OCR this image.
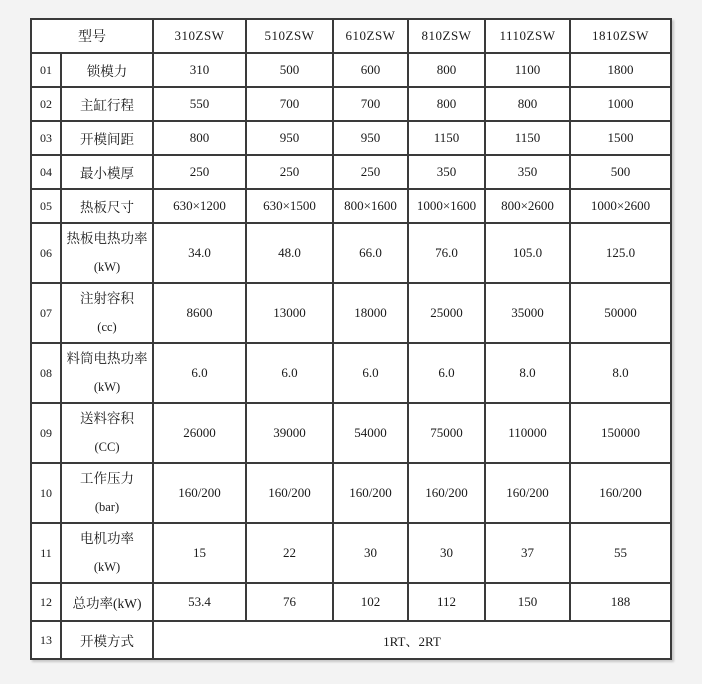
型号		310ZSW	510ZSW	610ZSW	810ZSW	1110ZSW	1810ZSW
01	锁模力	310	500	600	800	1100	1800
02	主缸行程	550	700	700	800	800	1000
03	开模间距	800	950	950	1150	1150	1500
04	最小模厚	250	250	250	350	350	500
05	热板尺寸	630×1200	630×1500	800×1600	1000×1600	800×2600	1000×2600
06	热板电热功率
(kW)	34.0	48.0	66.0	76.0	105.0	125.0
07	注射容积
(cc)	8600	13000	18000	25000	35000	50000
08	料筒电热功率
(kW)	6.0	6.0	6.0	6.0	8.0	8.0
09	送料容积
(CC)	26000	39000	54000	75000	110000	150000
10	工作压力
(bar)	160/200	160/200	160/200	160/200	160/200	160/200
11	电机功率
(kW)	15	22	30	30	37	55
12	总功率(kW)	53.4	76	102	112	150	188
13	开模方式	1RT、2RT					
